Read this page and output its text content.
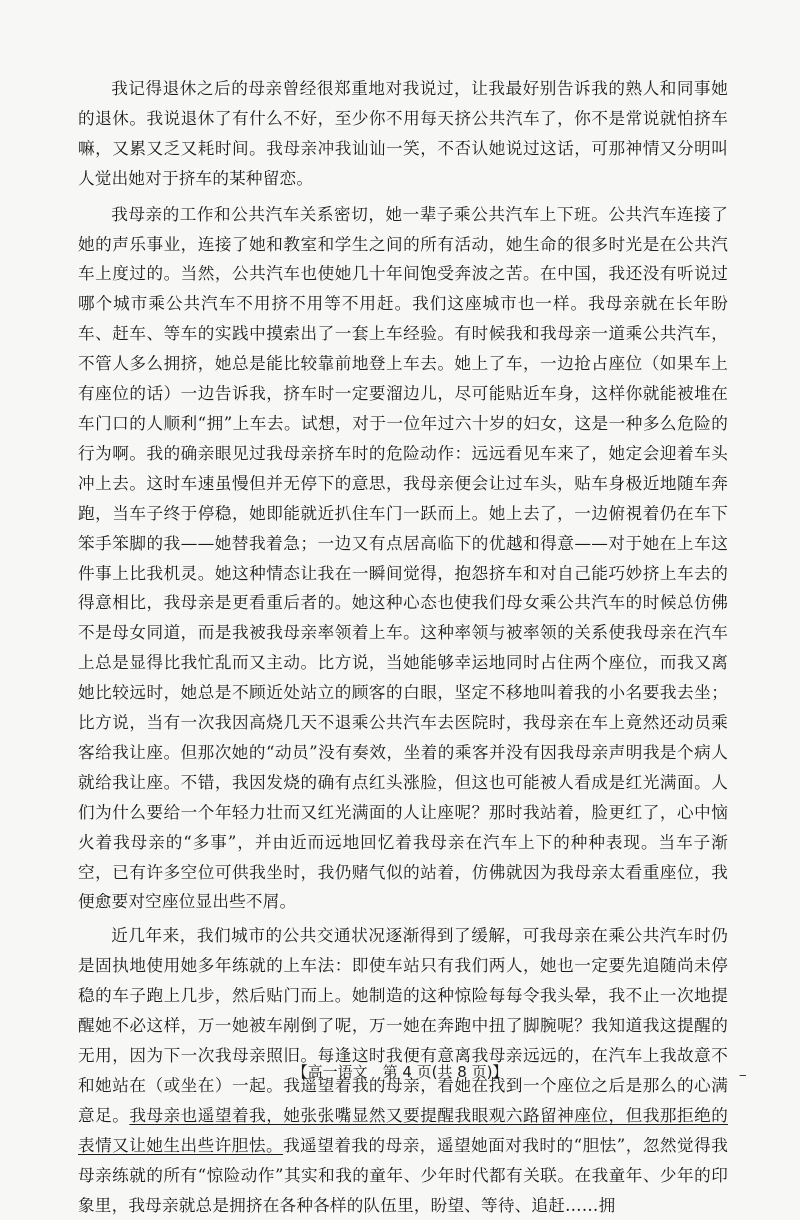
我记得退休之后的母亲曾经很郑重地对我说过，让我最好别告诉我的熟人和同事她的退休。我说退休了有什么不好，至少你不用每天挤公共汽车了，你不是常说就怕挤车嘛，又累又乏又耗时间。我母亲冲我讪讪一笑，不否认她说过这话，可那神情又分明叫人觉出她对于挤车的某种留恋。

我母亲的工作和公共汽车关系密切，她一辈子乘公共汽车上下班。公共汽车连接了她的声乐事业，连接了她和教室和学生之间的所有活动，她生命的很多时光是在公共汽车上度过的。当然，公共汽车也使她几十年间饱受奔波之苦。在中国，我还没有听说过哪个城市乘公共汽车不用挤不用等不用赶。我们这座城市也一样。我母亲就在长年盼车、赶车、等车的实践中摸索出了一套上车经验。有时候我和我母亲一道乘公共汽车，不管人多么拥挤，她总是能比较靠前地登上车去。她上了车，一边抢占座位（如果车上有座位的话）一边告诉我，挤车时一定要溜边儿，尽可能贴近车身，这样你就能被堆在车门口的人顺利“拥”上车去。试想，对于一位年过六十岁的妇女，这是一种多么危险的行为啊。我的确亲眼见过我母亲挤车时的危险动作：远远看见车来了，她定会迎着车头冲上去。这时车速虽慢但并无停下的意思，我母亲便会让过车头，贴车身极近地随车奔跑，当车子终于停稳，她即能就近扒住车门一跃而上。她上去了，一边俯視着仍在车下笨手笨脚的我——她替我着急；一边又有点居高临下的优越和得意——对于她在上车这件事上比我机灵。她这种情态让我在一瞬间觉得，抱怨挤车和对自己能巧妙挤上车去的得意相比，我母亲是更看重后者的。她这种心态也使我们母女乘公共汽车的时候总仿佛不是母女同道，而是我被我母亲率领着上车。这种率领与被率领的关系使我母亲在汽车上总是显得比我忙乱而又主动。比方说，当她能够幸运地同时占住两个座位，而我又离她比较远时，她总是不顾近处站立的顾客的白眼，坚定不移地叫着我的小名要我去坐；比方说，当有一次我因高烧几天不退乘公共汽车去医院时，我母亲在车上竟然还动员乘客给我让座。但那次她的“动员”没有奏效，坐着的乘客并没有因我母亲声明我是个病人就给我让座。不错，我因发烧的确有点红头涨脸，但这也可能被人看成是红光满面。人们为什么要给一个年轻力壮而又红光满面的人让座呢？那时我站着，脸更红了，心中恼火着我母亲的“多事”，并由近而远地回忆着我母亲在汽车上下的种种表现。当车子渐空，已有许多空位可供我坐时，我仍赌气似的站着，仿佛就因为我母亲太看重座位，我便愈要对空座位显出些不屑。

近几年来，我们城市的公共交通状况逐渐得到了缓解，可我母亲在乘公共汽车时仍是固执地使用她多年练就的上车法：即使车站只有我们两人，她也一定要先追随尚未停稳的车子跑上几步，然后贴门而上。她制造的这种惊险每每令我头晕，我不止一次地提醒她不必这样，万一她被车剐倒了呢，万一她在奔跑中扭了脚腕呢？我知道我这提醒的无用，因为下一次我母亲照旧。每逢这时我便有意离我母亲远远的，在汽车上我故意不和她站在（或坐在）一起。我遥望着我的母亲，看她在找到一个座位之后是那么的心满意足。我母亲也遥望着我，她张张嘴显然又要提醒我眼观六路留神座位，但我那拒绝的表情又让她生出些许胆怯。我遥望着我的母亲，遥望她面对我时的“胆怯”，忽然觉得我母亲练就的所有“惊险动作”其实和我的童年、少年时代都有关联。在我童年、少年的印象里，我母亲就总是拥挤在各种各样的队伍里，盼望、等待、追赶……拥

【高一语文　第 4 页(共 8 页)】	‒
